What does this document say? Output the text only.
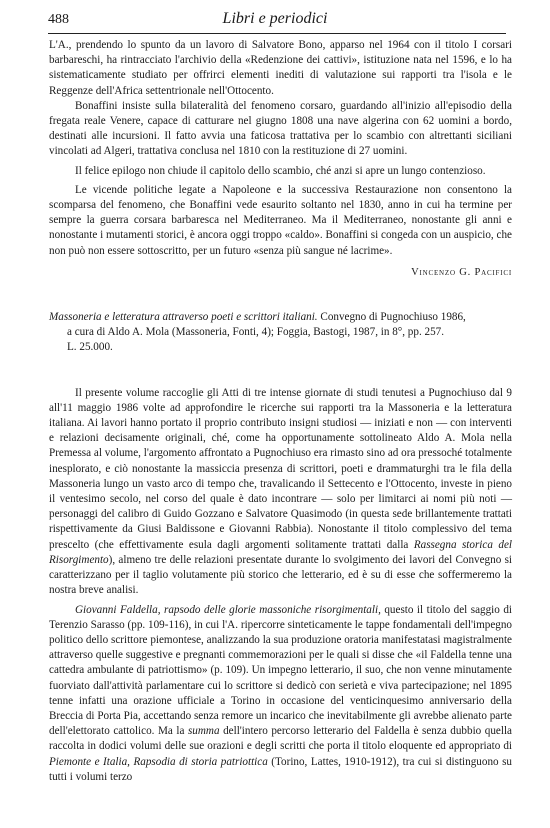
488	Libri e periodici

L'A., prendendo lo spunto da un lavoro di Salvatore Bono, apparso nel 1964 con il titolo I corsari barbareschi, ha rintracciato l'archivio della «Redenzione dei cattivi», istituzione nata nel 1596, e lo ha sistematicamente studiato per offrirci elementi inediti di valutazione sui rapporti tra l'isola e le Reggenze dell'Africa settentrionale nell'Ottocento.

Bonaffini insiste sulla bilateralità del fenomeno corsaro, guardando all'inizio all'episodio della fregata reale Venere, capace di catturare nel giugno 1808 una nave algerina con 62 uomini a bordo, destinati alle incursioni. Il fatto avvia una faticosa trattativa per lo scambio con altrettanti siciliani vincolati ad Algeri, trattativa conclusa nel 1810 con la restituzione di 27 uomini.

Il felice epilogo non chiude il capitolo dello scambio, ché anzi si apre un lungo contenzioso.

Le vicende politiche legate a Napoleone e la successiva Restaurazione non consentono la scomparsa del fenomeno, che Bonaffini vede esaurito soltanto nel 1830, anno in cui ha termine per sempre la guerra corsara barbaresca nel Mediterraneo. Ma il Mediterraneo, nonostante gli anni e nonostante i mutamenti storici, è ancora oggi troppo «caldo». Bonaffini si congeda con un auspicio, che non può non essere sottoscritto, per un futuro «senza più sangue né lacrime».

Vincenzo G. Pacifici
Massoneria e letteratura attraverso poeti e scrittori italiani. Convegno di Pugnochiuso 1986,
a cura di Aldo A. Mola (Massoneria, Fonti, 4); Foggia, Bastogi, 1987, in 8°, pp. 257.
L. 25.000.

Il presente volume raccoglie gli Atti di tre intense giornate di studi tenutesi a Pugnochiuso dal 9 all'11 maggio 1986 volte ad approfondire le ricerche sui rapporti tra la Massoneria e la letteratura italiana. Ai lavori hanno portato il proprio contributo insigni studiosi — iniziati e non — con interventi e relazioni decisamente originali, ché, come ha opportunamente sottolineato Aldo A. Mola nella Premessa al volume, l'argomento affrontato a Pugnochiuso era rimasto sino ad ora pressoché totalmente inesplorato, e ciò nonostante la massiccia presenza di scrittori, poeti e drammaturghi tra le fila della Massoneria lungo un vasto arco di tempo che, travalicando il Settecento e l'Ottocento, investe in pieno il ventesimo secolo, nel corso del quale è dato incontrare — solo per limitarci ai nomi più noti — personaggi del calibro di Guido Gozzano e Salvatore Quasimodo (in questa sede brillantemente trattati rispettivamente da Giusi Baldissone e Giovanni Rabbia). Nonostante il titolo complessivo del tema prescelto (che effettivamente esula dagli argomenti solitamente trattati dalla Rassegna storica del Risorgimento), almeno tre delle relazioni presentate durante lo svolgimento dei lavori del Convegno si caratterizzano per il taglio volutamente più storico che letterario, ed è su di esse che soffermeremo la nostra breve analisi.

Giovanni Faldella, rapsodo delle glorie massoniche risorgimentali, questo il titolo del saggio di Terenzio Sarasso (pp. 109-116), in cui l'A. ripercorre sinteticamente le tappe fondamentali dell'impegno politico dello scrittore piemontese, analizzando la sua produzione oratoria manifestatasi magistralmente attraverso quelle suggestive e pregnanti commemorazioni per le quali si disse che «il Faldella tenne una cattedra ambulante di patriottismo» (p. 109). Un impegno letterario, il suo, che non venne minutamente fuorviato dall'attività parlamentare cui lo scrittore si dedicò con serietà e viva partecipazione; nel 1895 tenne infatti una orazione ufficiale a Torino in occasione del venticinquesimo anniversario della Breccia di Porta Pia, accettando senza remore un incarico che inevitabilmente gli avrebbe alienato parte dell'elettorato cattolico. Ma la summa dell'intero percorso letterario del Faldella è senza dubbio quella raccolta in dodici volumi delle sue orazioni e degli scritti che porta il titolo eloquente ed appropriato di Piemonte e Italia, Rapsodia di storia patriottica (Torino, Lattes, 1910-1912), tra cui si distinguono su tutti i volumi terzo
